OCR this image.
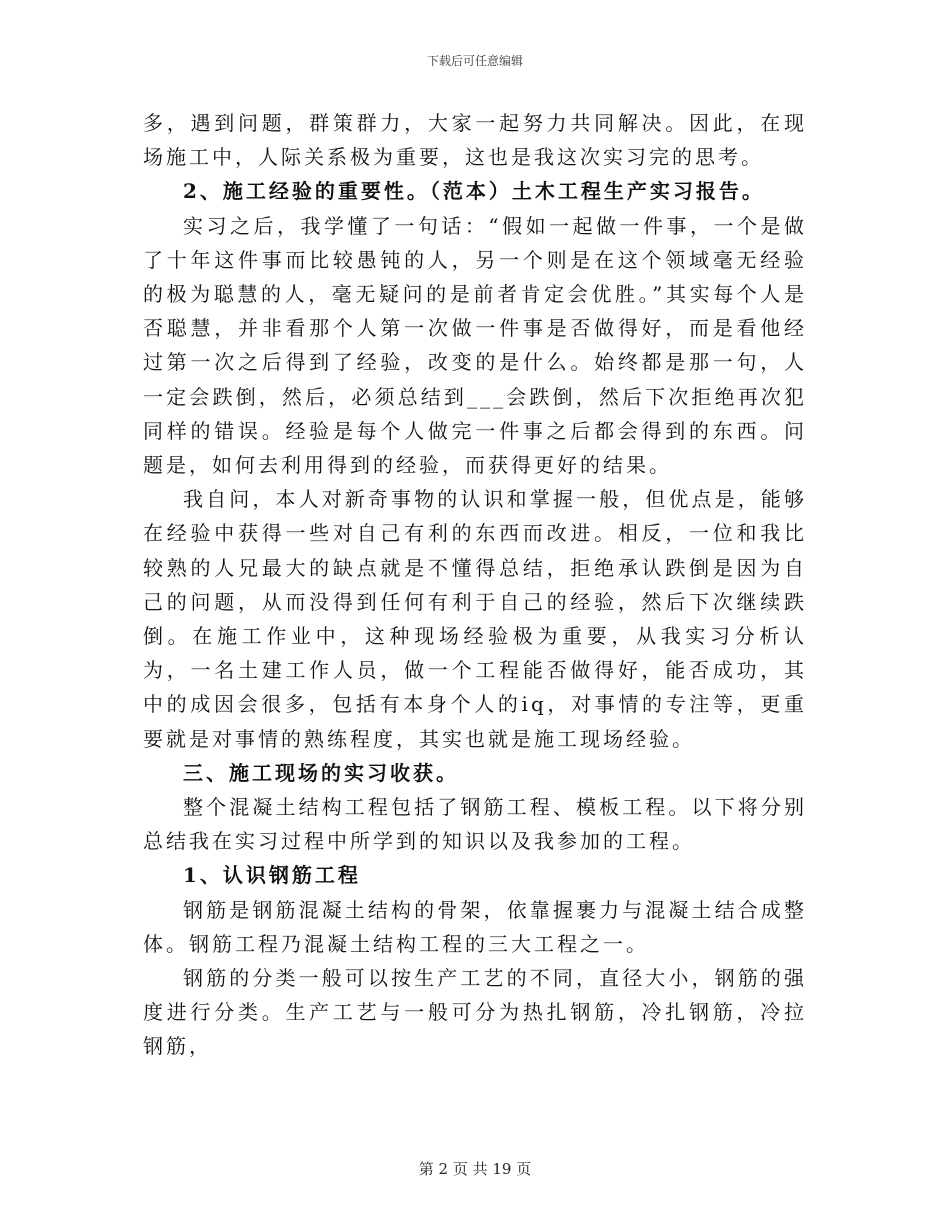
下载后可任意编辑

多，遇到问题，群策群力，大家一起努力共同解决。因此，在现场施工中，人际关系极为重要，这也是我这次实习完的思考。

2、施工经验的重要性。（范本）土木工程生产实习报告。

实习之后，我学懂了一句话：“假如一起做一件事，一个是做了十年这件事而比较愚钝的人，另一个则是在这个领域毫无经验的极为聪慧的人，毫无疑问的是前者肯定会优胜。”其实每个人是否聪慧，并非看那个人第一次做一件事是否做得好，而是看他经过第一次之后得到了经验，改变的是什么。始终都是那一句，人一定会跌倒，然后，必须总结到___会跌倒，然后下次拒绝再次犯同样的错误。经验是每个人做完一件事之后都会得到的东西。问题是，如何去利用得到的经验，而获得更好的结果。

我自问，本人对新奇事物的认识和掌握一般，但优点是，能够在经验中获得一些对自己有利的东西而改进。相反，一位和我比较熟的人兄最大的缺点就是不懂得总结，拒绝承认跌倒是因为自己的问题，从而没得到任何有利于自己的经验，然后下次继续跌倒。在施工作业中，这种现场经验极为重要，从我实习分析认为，一名土建工作人员，做一个工程能否做得好，能否成功，其中的成因会很多，包括有本身个人的iq，对事情的专注等，更重要就是对事情的熟练程度，其实也就是施工现场经验。

三、施工现场的实习收获。

整个混凝土结构工程包括了钢筋工程、模板工程。以下将分别总结我在实习过程中所学到的知识以及我参加的工程。

1、认识钢筋工程

钢筋是钢筋混凝土结构的骨架，依靠握裹力与混凝土结合成整体。钢筋工程乃混凝土结构工程的三大工程之一。

钢筋的分类一般可以按生产工艺的不同，直径大小，钢筋的强度进行分类。生产工艺与一般可分为热扎钢筋，冷扎钢筋，冷拉钢筋，

第 2 页 共 19 页
